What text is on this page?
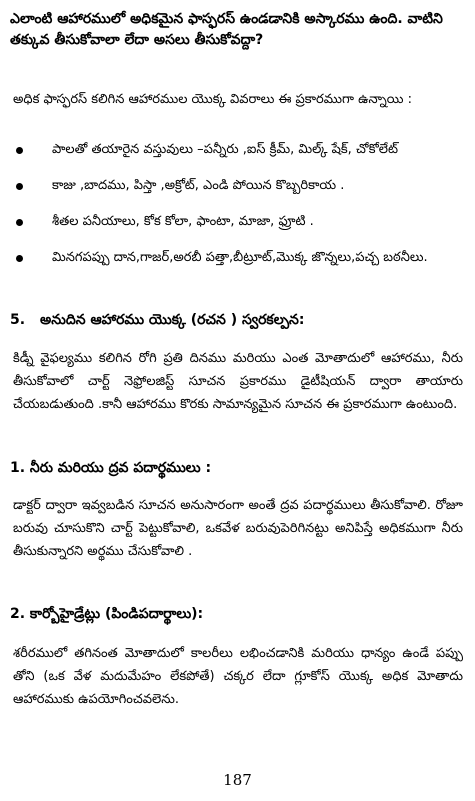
ఎలాంటి ఆహారములో అధికమైన ఫాస్ఫరస్ ఉండడానికి అస్కారము ఉంది. వాటిని తక్కువ తీసుకోవాలా లేదా అసలు తీసుకోవద్దా?
అధిక ఫాస్ఫరస్ కలిగిన ఆహారముల యొక్క వివరాలు ఈ ప్రకారముగా ఉన్నాయి :
పాలతో తయారైన వస్తువులు –పన్నీరు ,ఐస్ క్రీమ్, మిల్క్ షేక్, చోకోలేట్
కాజు ,బాదము, పిస్తా ,అక్రోట్, ఎండి పోయిన కొబ్బరికాయ .
శీతల పనీయాలు, కోక కోలా, ఫాంటా, మాజా, ఫ్రూటి .
మినగపప్పు దాన,గాజర్,అరబీ పత్తా,బీట్రూట్,మొక్క జొన్నలు,పచ్చ బఠనీలు.
5. అనుదిన ఆహారము యొక్క (రచన ) స్వరకల్పన:
కిడ్నీ వైఫల్యము కలిగిన రోగి ప్రతి దినము మరియు ఎంత మోతాదులో ఆహారము, నీరు తీసుకోవాలో చార్ట్ నెఫ్రోలజిస్ట్ సూచన ప్రకారము డైటీషియన్ ద్వారా తాయారు చేయబడుతుంది .కానీ ఆహారము కొరకు సామాన్యమైన సూచన ఈ ప్రకారముగా ఉంటుంది.
1. నీరు మరియు ద్రవ పదార్థములు :
డాక్టర్ ద్వారా ఇవ్వబడిన సూచన అనుసారంగా అంతే ద్రవ పదార్థములు తీసుకోవాలి. రోజూ బరువు చూసుకొని చార్ట్ పెట్టుకోవాలి, ఒకవేళ బరువుపెరిగినట్టు అనిపిస్తే అధికముగా నీరు తీసుకున్నారని అర్థము చేసుకోవాలి .
2. కార్బోహైడ్రేట్లు (పిండిపదార్థాలు):
శరీరములో తగినంత మోతాదులో కాలరీలు లభించడానికి మరియు ధాన్యం ఉండే పప్పు తోని (ఒక వేళ మదుమేహం లేకపోతే) చక్కర లేదా గ్లూకోస్ యొక్క అధిక మోతాదు ఆహారముకు ఉపయోగించవలెను.
187
